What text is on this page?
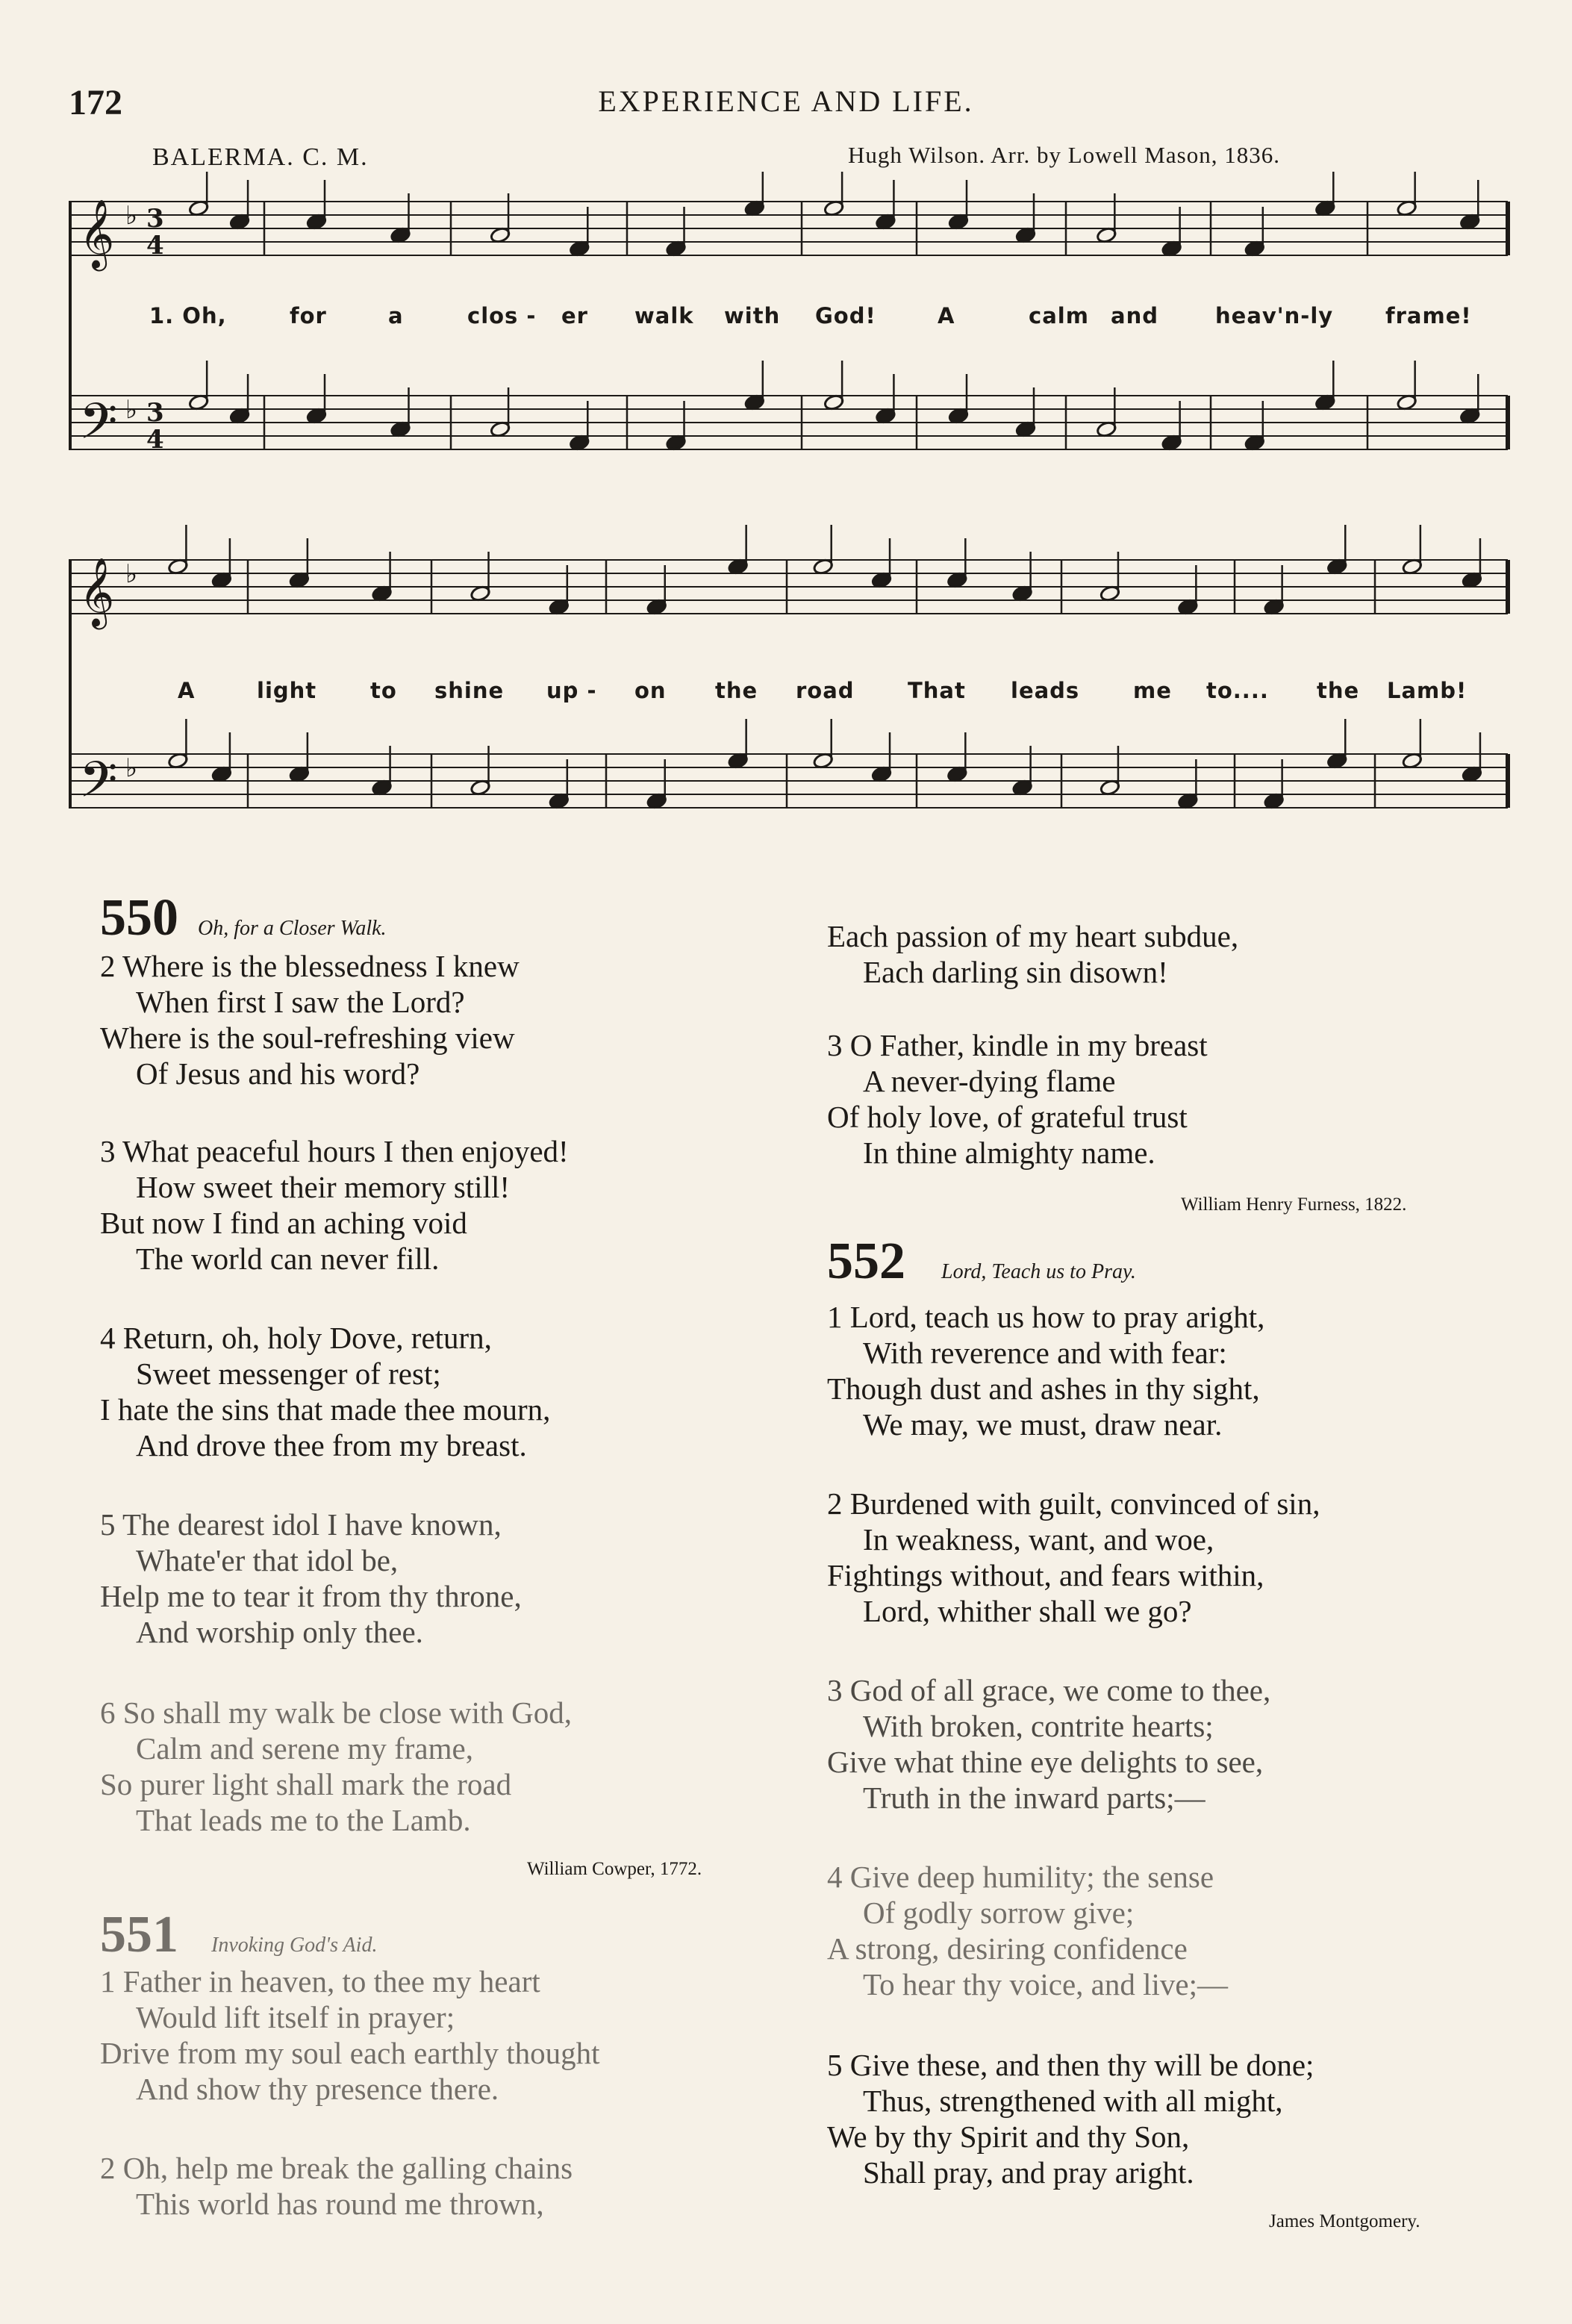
172	EXPERIENCE AND LIFE.
BALERMA. C. M.	Hugh Wilson. Arr. by Lowell Mason, 1836.
𝄞
𝄞
𝄢
𝄢
3
4
♭
3
4
♭
♭
♭
1. Oh,	for	a	clos - er walk with God!	A	calm and	heav'n-ly frame!
A	light to shine up - on the road That leads me to.... the Lamb!
550 Oh, for a Closer Walk.
2 Where is the blessedness I knew
When first I saw the Lord?
Where is the soul-refreshing view
Of Jesus and his word?
3 What peaceful hours I then enjoyed!
How sweet their memory still!
But now I find an aching void
The world can never fill.
4 Return, oh, holy Dove, return,
Sweet messenger of rest;
I hate the sins that made thee mourn,
And drove thee from my breast.
5 The dearest idol I have known,
Whate'er that idol be,
Help me to tear it from thy throne,
And worship only thee.
6 So shall my walk be close with God,
Calm and serene my frame,
So purer light shall mark the road
That leads me to the Lamb.
William Cowper, 1772.
551 Invoking God's Aid.
1 Father in heaven, to thee my heart
Would lift itself in prayer;
Drive from my soul each earthly thought
And show thy presence there.
2 Oh, help me break the galling chains
This world has round me thrown,
Each passion of my heart subdue,
Each darling sin disown!
3 O Father, kindle in my breast
A never-dying flame
Of holy love, of grateful trust
In thine almighty name.
William Henry Furness, 1822.
552 Lord, Teach us to Pray.
1 Lord, teach us how to pray aright,
With reverence and with fear:
Though dust and ashes in thy sight,
We may, we must, draw near.
2 Burdened with guilt, convinced of sin,
In weakness, want, and woe,
Fightings without, and fears within,
Lord, whither shall we go?
3 God of all grace, we come to thee,
With broken, contrite hearts;
Give what thine eye delights to see,
Truth in the inward parts;—
4 Give deep humility; the sense
Of godly sorrow give;
A strong, desiring confidence
To hear thy voice, and live;—
5 Give these, and then thy will be done;
Thus, strengthened with all might,
We by thy Spirit and thy Son,
Shall pray, and pray aright.
James Montgomery.
